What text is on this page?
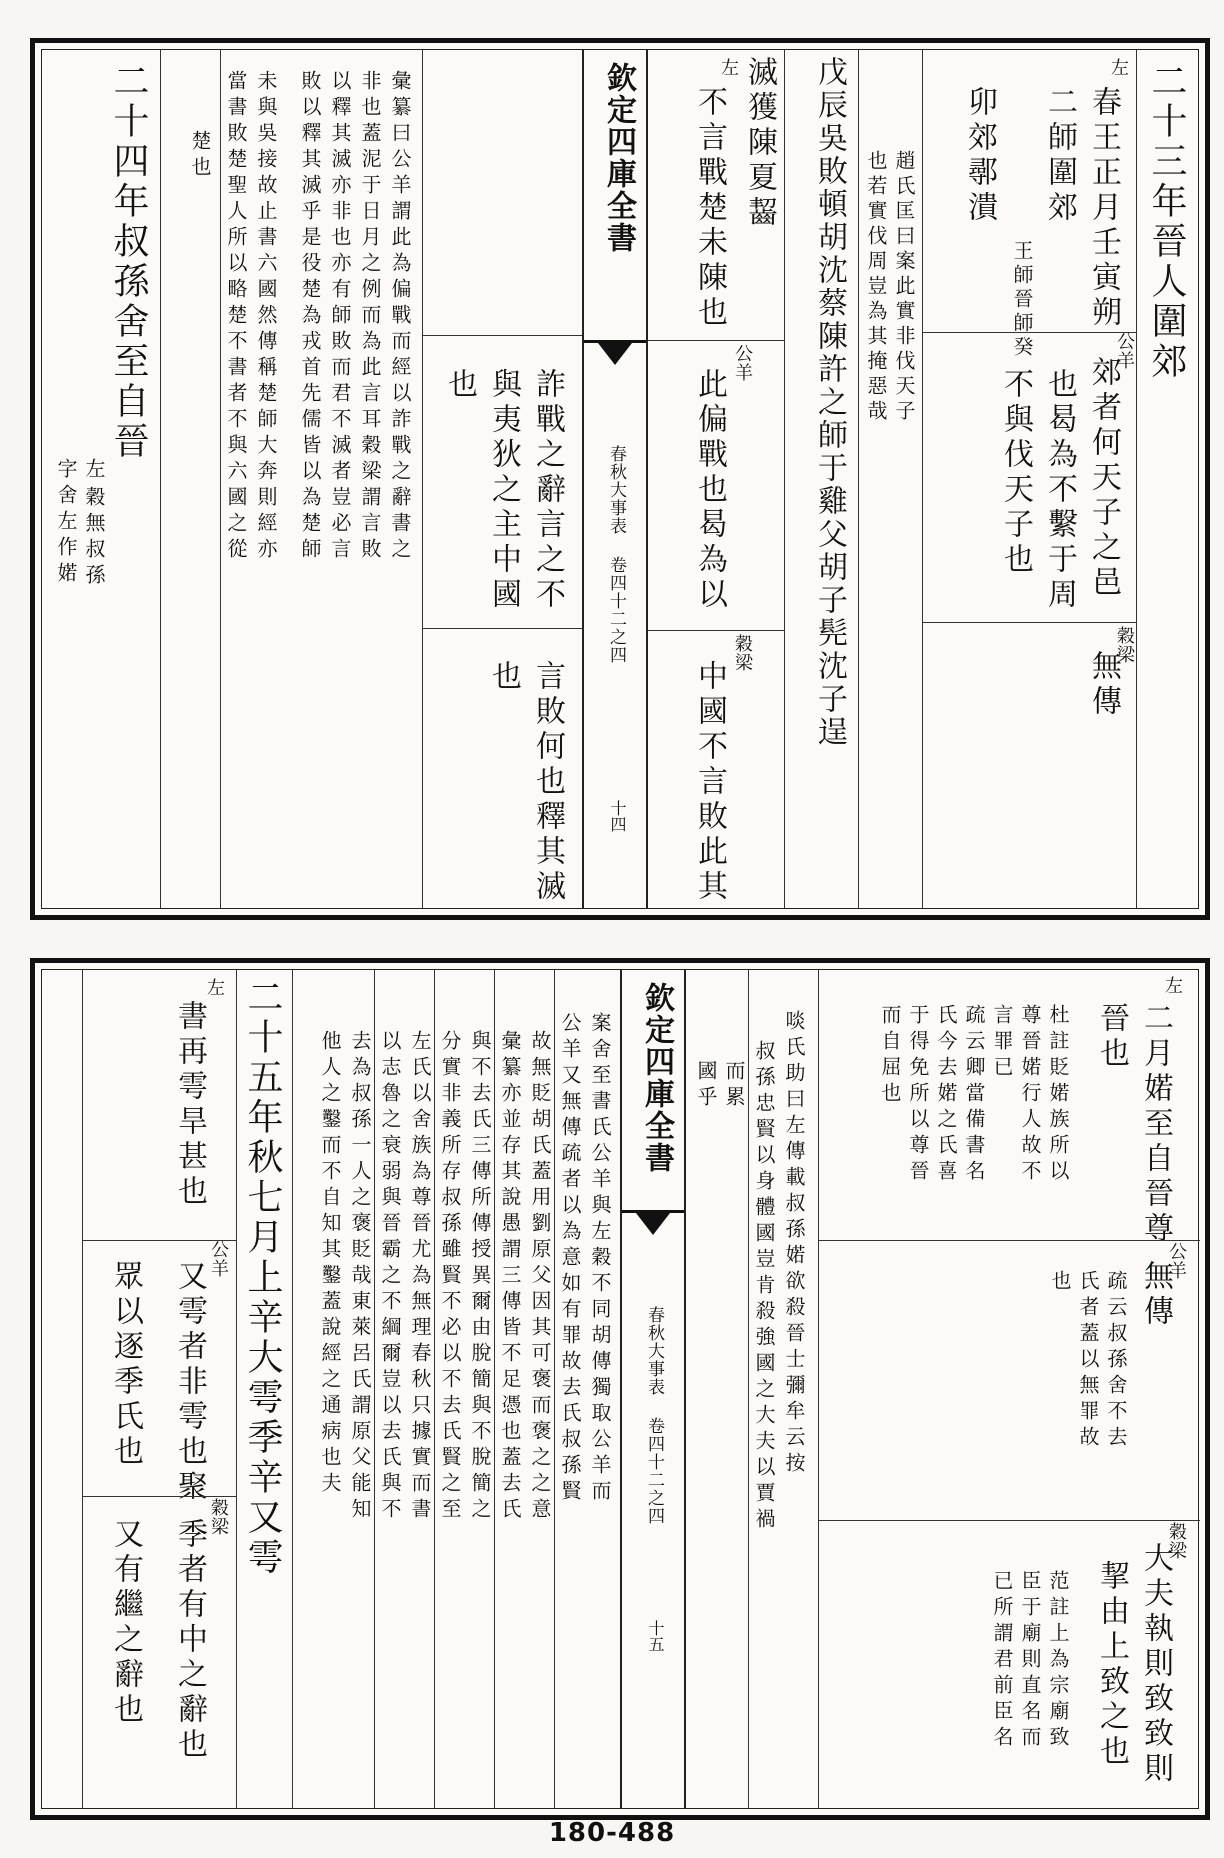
二十三年晉人圍郊
左
春王正月壬寅朔
二師圍郊
王師晉師癸
卯郊鄩潰
公羊
郊者何天子之邑
也曷為不繫于周
不與伐天子也
穀梁
無傳
趙氏匡曰案此實非伐天子
也若實伐周豈為其掩惡哉
戊辰吳敗頓胡沈蔡陳許之師于雞父胡子髡沈子逞
滅獲陳夏齧
左
不言戰楚未陳也
公羊
此偏戰也曷為以
穀梁
中國不言敗此其
欽定四庫全書
春秋大事表 卷四十二之四
十四
詐戰之辭言之不
與夷狄之主中國
也
言敗何也釋其滅
也
彙纂曰公羊謂此為偏戰而經以詐戰之辭書之
非也蓋泥于日月之例而為此言耳穀梁謂言敗
以釋其滅亦非也亦有師敗而君不滅者豈必言
敗以釋其滅乎是役楚為戎首先儒皆以為楚師
未與吳接故止書六國然傳稱楚師大奔則經亦
當書敗楚聖人所以略楚不書者不與六國之從
楚也
二十四年叔孫舍至自晉
左
穀無叔孫
字舍左作婼
左
二月婼至自晉尊
晉也
杜註貶婼族所以
尊晉婼行人故不
言罪已
疏云卿當備書名
氏今去婼之氏喜
于得免所以尊晉
而自屈也
公羊
無傳
疏云叔孫舍不去
氏者蓋以無罪故
也
穀梁
大夫執則致致則
挈由上致之也
范註上為宗廟致
臣于廟則直名而
已所謂君前臣名
啖氏助曰左傳載叔孫婼欲殺晉士彌牟云按
叔孫忠賢以身體國豈肯殺強國之大夫以賈禍
而累
國乎
欽定四庫全書
春秋大事表 卷四十二之四
十五
案舍至書氏公羊與左穀不同胡傳獨取公羊而
公羊又無傳疏者以為意如有罪故去氏叔孫賢
故無貶胡氏蓋用劉原父因其可褒而褒之之意
彙纂亦並存其說愚謂三傳皆不足憑也蓋去氏
與不去氏三傳所傳授異爾由脫簡與不脫簡之
分實非義所存叔孫雖賢不必以不去氏賢之至
左氏以舍族為尊晉尤為無理春秋只據實而書
以志魯之衰弱與晉霸之不綱爾豈以去氏與不
去為叔孫一人之褒貶哉東萊呂氏謂原父能知
他人之鑿而不自知其鑿蓋說經之通病也夫
二十五年秋七月上辛大雩季辛又雩
左
書再雩旱甚也
公羊
又雩者非雩也聚
眾以逐季氏也
穀梁
季者有中之辭也
又有繼之辭也
180-488
